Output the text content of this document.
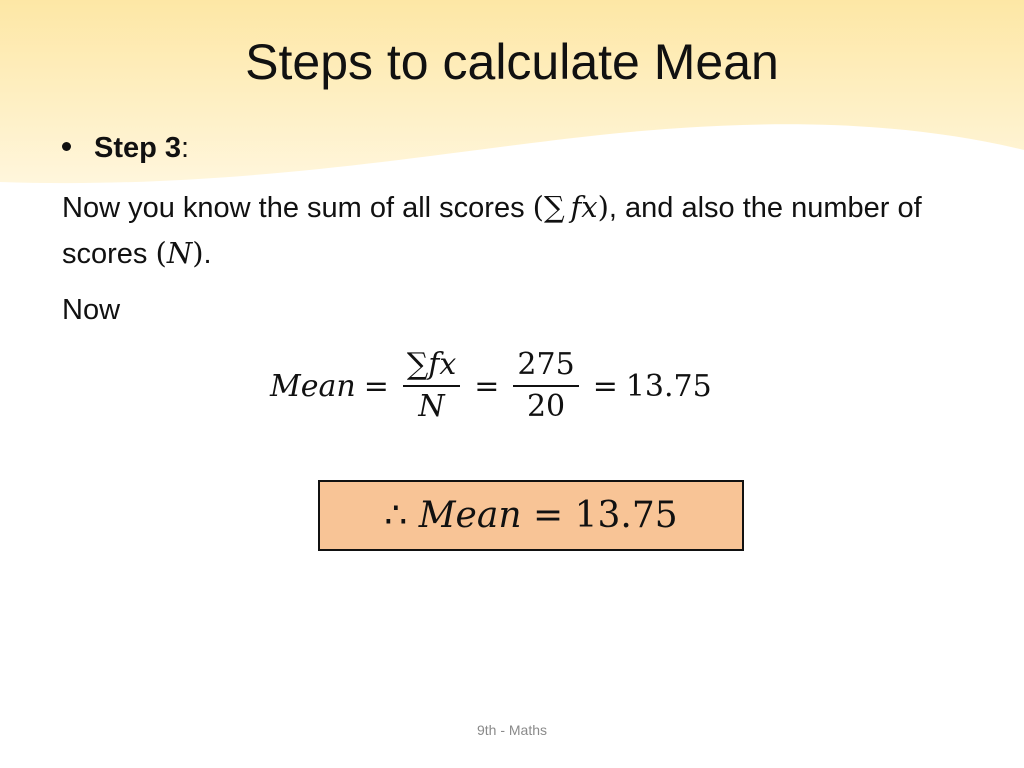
Steps to calculate Mean
Step 3:
Now you know the sum of all scores (∑  fx), and also the number of scores (N).
Now
Mean = $\frac{\sum fx}{N} = \frac{275}{20} = 13.75$
∴ Mean = 13.75
9th - Maths
